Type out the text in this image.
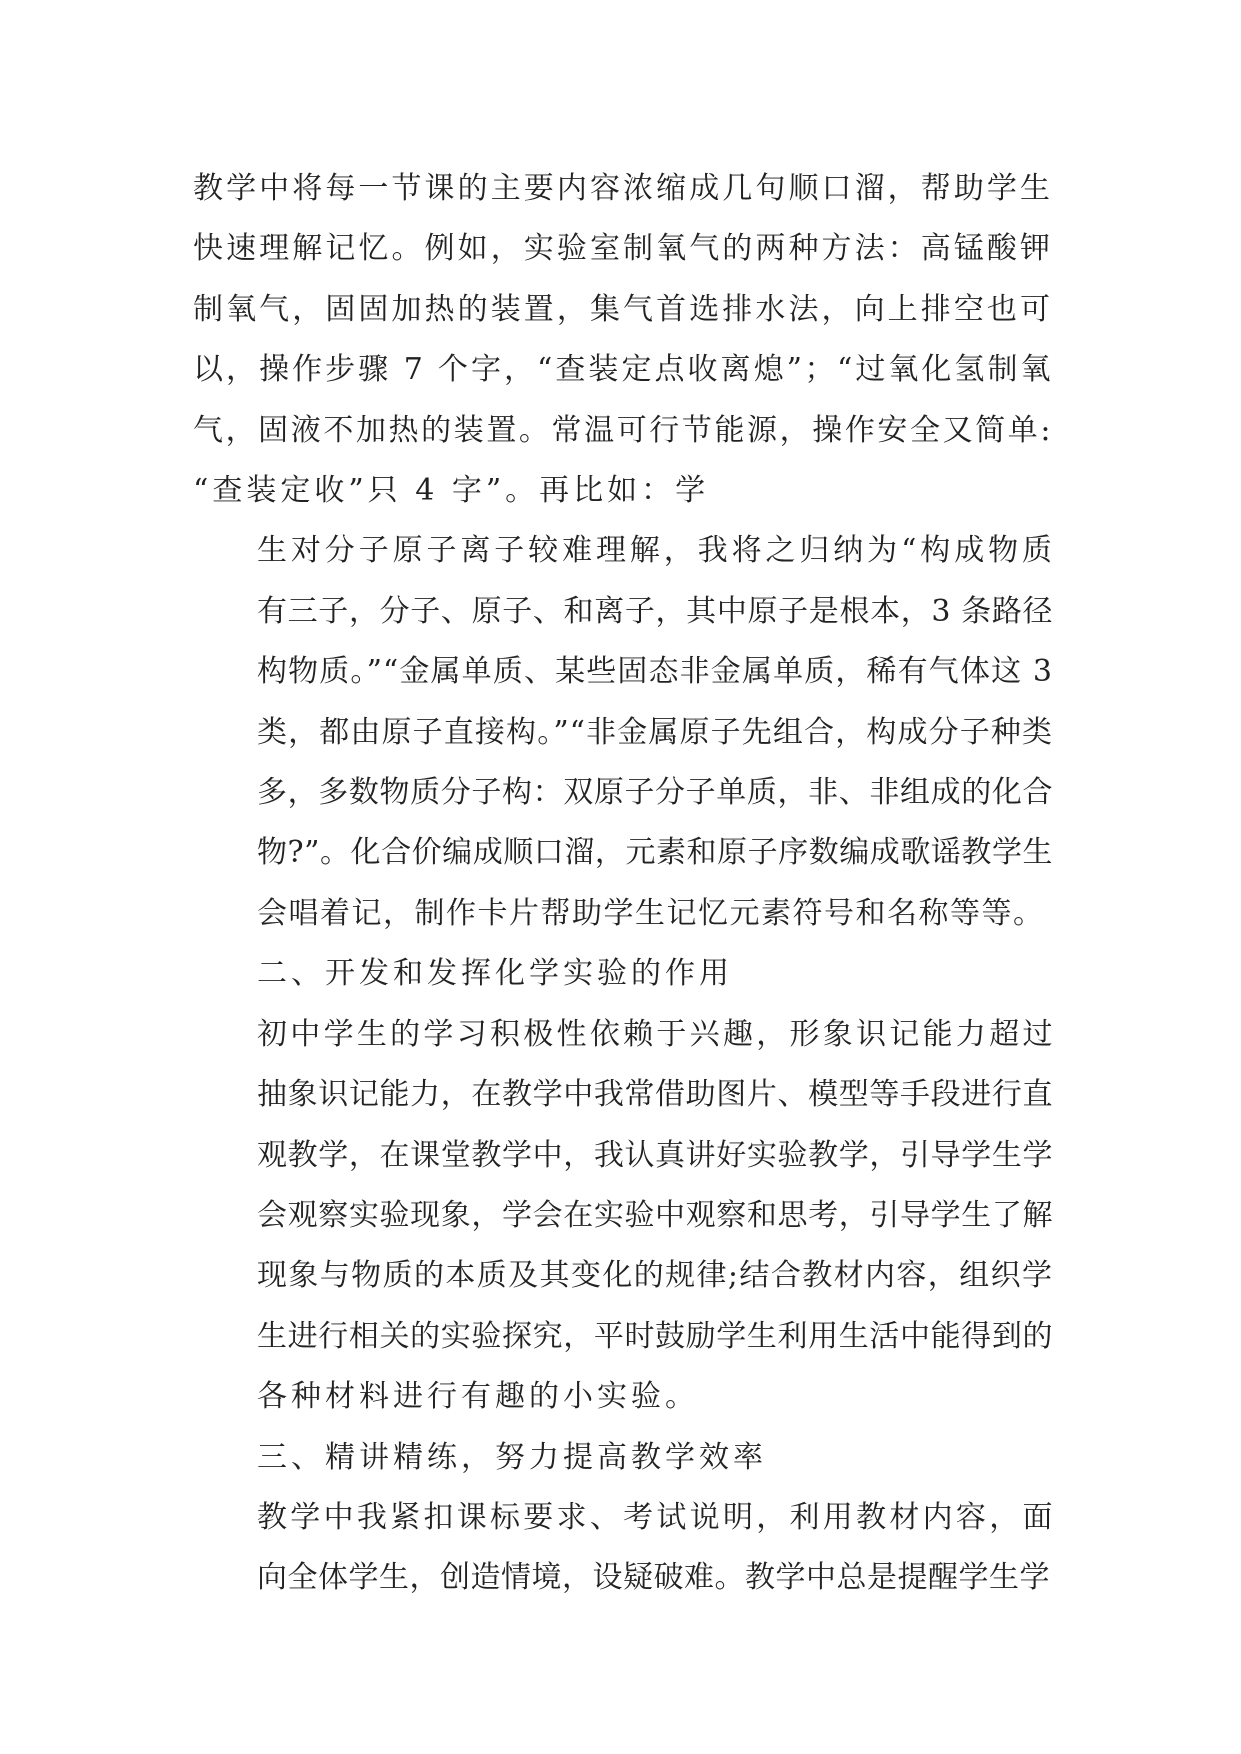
教学中将每一节课的主要内容浓缩成几句顺口溜，帮助学生
快速理解记忆。例如，实验室制氧气的两种方法：高锰酸钾
制氧气，固固加热的装置，集气首选排水法，向上排空也可
以，操作步骤 7 个字，“查装定点收离熄”；“过氧化氢制氧
气，固液不加热的装置。常温可行节能源，操作安全又简单:
“查装定收”只 4 字”。再比如：学

生对分子原子离子较难理解，我将之归纳为“构成物质
有三子，分子、原子、和离子，其中原子是根本，3 条路径
构物质。”“金属单质、某些固态非金属单质，稀有气体这 3
类，都由原子直接构。”“非金属原子先组合，构成分子种类
多，多数物质分子构：双原子分子单质，非、非组成的化合
物?”。化合价编成顺口溜，元素和原子序数编成歌谣教学生
会唱着记，制作卡片帮助学生记忆元素符号和名称等等。

二、开发和发挥化学实验的作用

初中学生的学习积极性依赖于兴趣，形象识记能力超过
抽象识记能力，在教学中我常借助图片、模型等手段进行直
观教学，在课堂教学中，我认真讲好实验教学，引导学生学
会观察实验现象，学会在实验中观察和思考，引导学生了解
现象与物质的本质及其变化的规律;结合教材内容，组织学
生进行相关的实验探究，平时鼓励学生利用生活中能得到的
各种材料进行有趣的小实验。

三、精讲精练，努力提高教学效率

教学中我紧扣课标要求、考试说明，利用教材内容，面
向全体学生，创造情境，设疑破难。教学中总是提醒学生学
